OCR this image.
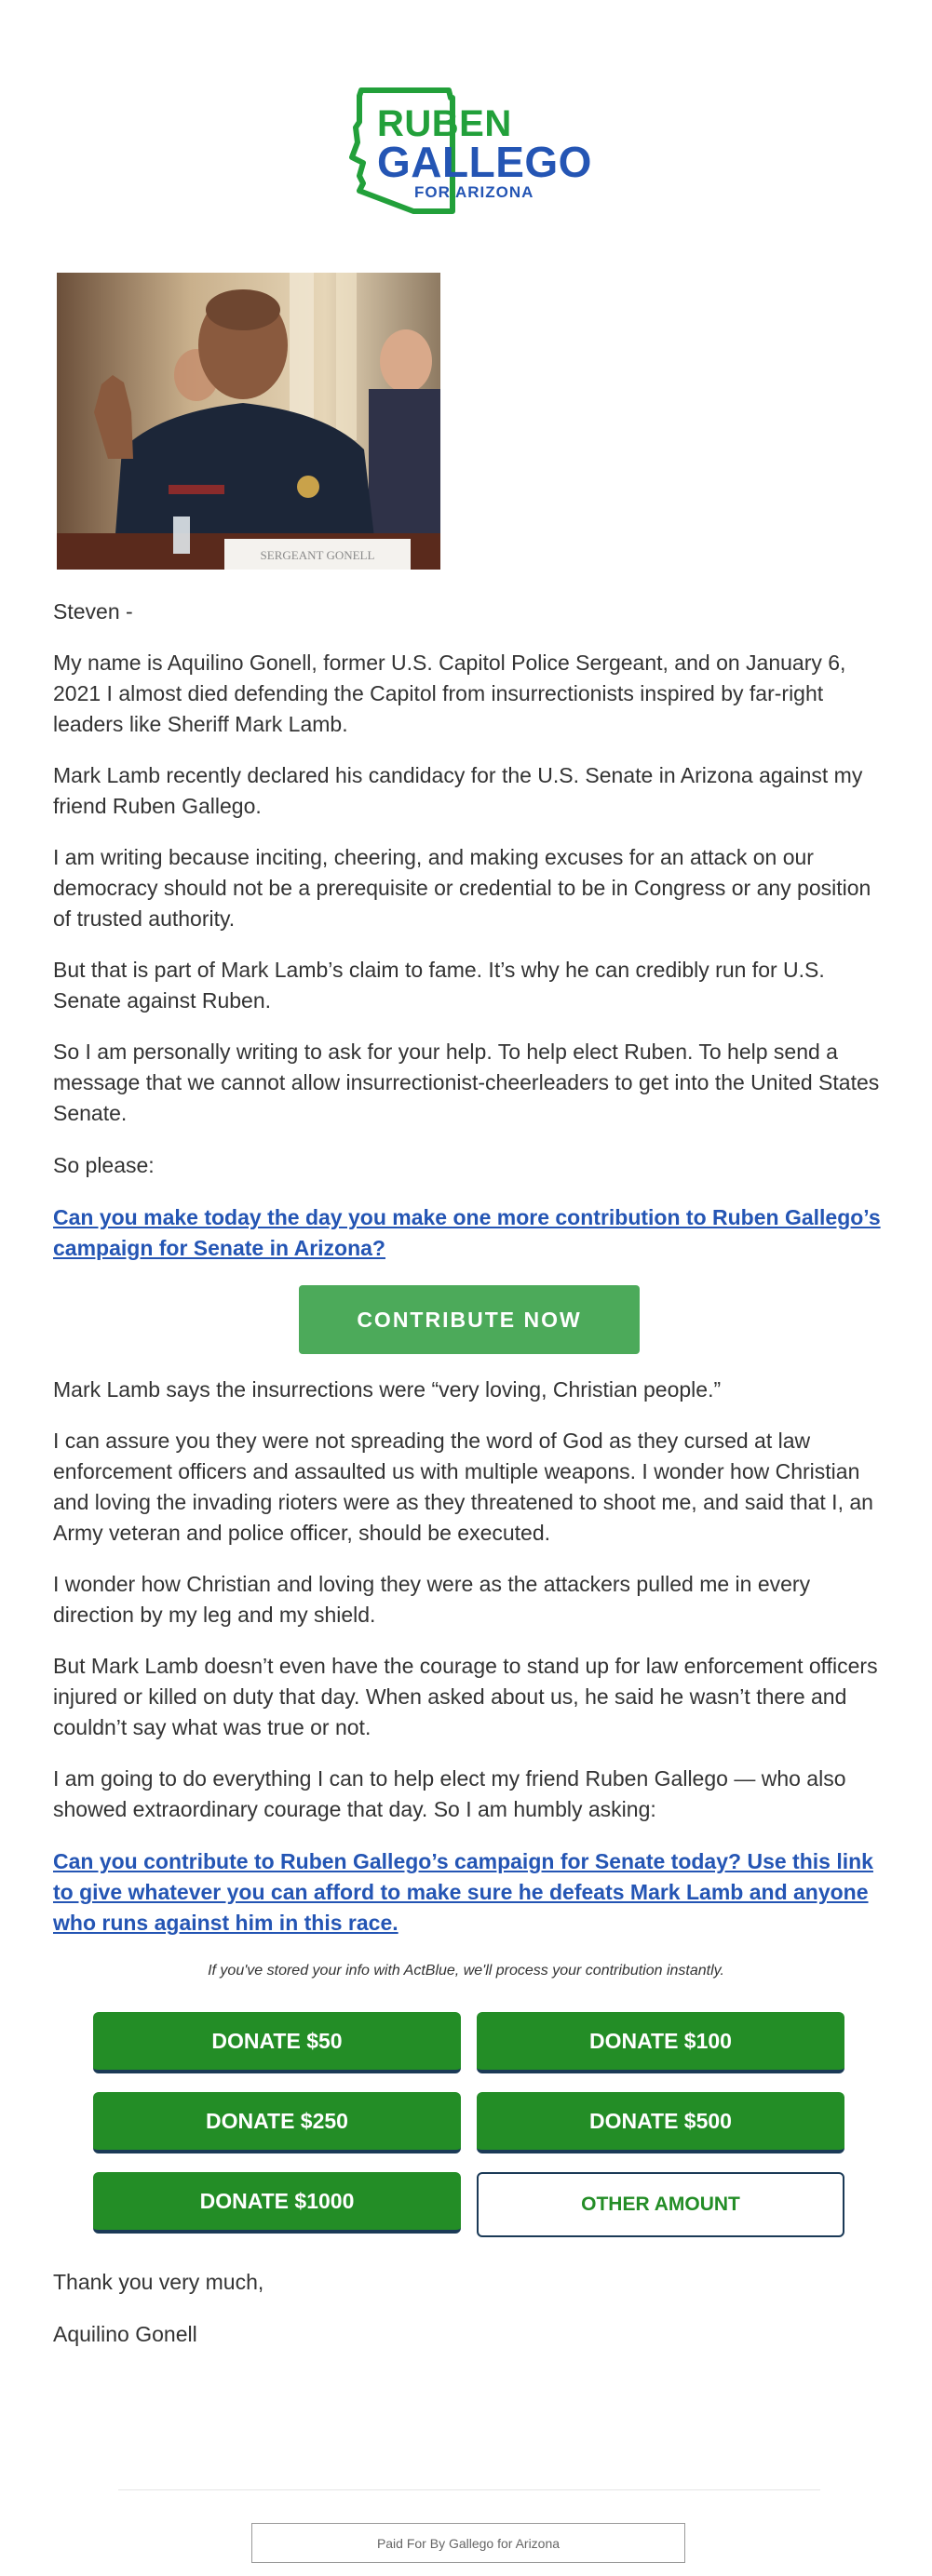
RUBEN
GALLEGO
FOR ARIZONA
SERGEANT GONELL

Steven -

My name is Aquilino Gonell, former U.S. Capitol Police Sergeant, and on January 6, 2021 I almost died defending the Capitol from insurrectionists inspired by far-right leaders like Sheriff Mark Lamb.

Mark Lamb recently declared his candidacy for the U.S. Senate in Arizona against my friend Ruben Gallego.

I am writing because inciting, cheering, and making excuses for an attack on our democracy should not be a prerequisite or credential to be in Congress or any position of trusted authority.

But that is part of Mark Lamb’s claim to fame. It’s why he can credibly run for U.S. Senate against Ruben.

So I am personally writing to ask for your help. To help elect Ruben. To help send a message that we cannot allow insurrectionist-cheerleaders to get into the United States Senate.

So please:

Can you make today the day you make one more contribution to Ruben Gallego’s campaign for Senate in Arizona?

CONTRIBUTE NOW

Mark Lamb says the insurrections were “very loving, Christian people.”

I can assure you they were not spreading the word of God as they cursed at law enforcement officers and assaulted us with multiple weapons. I wonder how Christian and loving the invading rioters were as they threatened to shoot me, and said that I, an Army veteran and police officer, should be executed.

I wonder how Christian and loving they were as the attackers pulled me in every direction by my leg and my shield.

But Mark Lamb doesn’t even have the courage to stand up for law enforcement officers injured or killed on duty that day. When asked about us, he said he wasn’t there and couldn’t say what was true or not.

I am going to do everything I can to help elect my friend Ruben Gallego — who also showed extraordinary courage that day. So I am humbly asking:

Can you contribute to Ruben Gallego’s campaign for Senate today? Use this link to give whatever you can afford to make sure he defeats Mark Lamb and anyone who runs against him in this race.

If you've stored your info with ActBlue, we'll process your contribution instantly.
DONATE $50	DONATE $100
DONATE $250	DONATE $500
DONATE $1000	OTHER AMOUNT

Thank you very much,

Aquilino Gonell

Paid For By Gallego for Arizona
